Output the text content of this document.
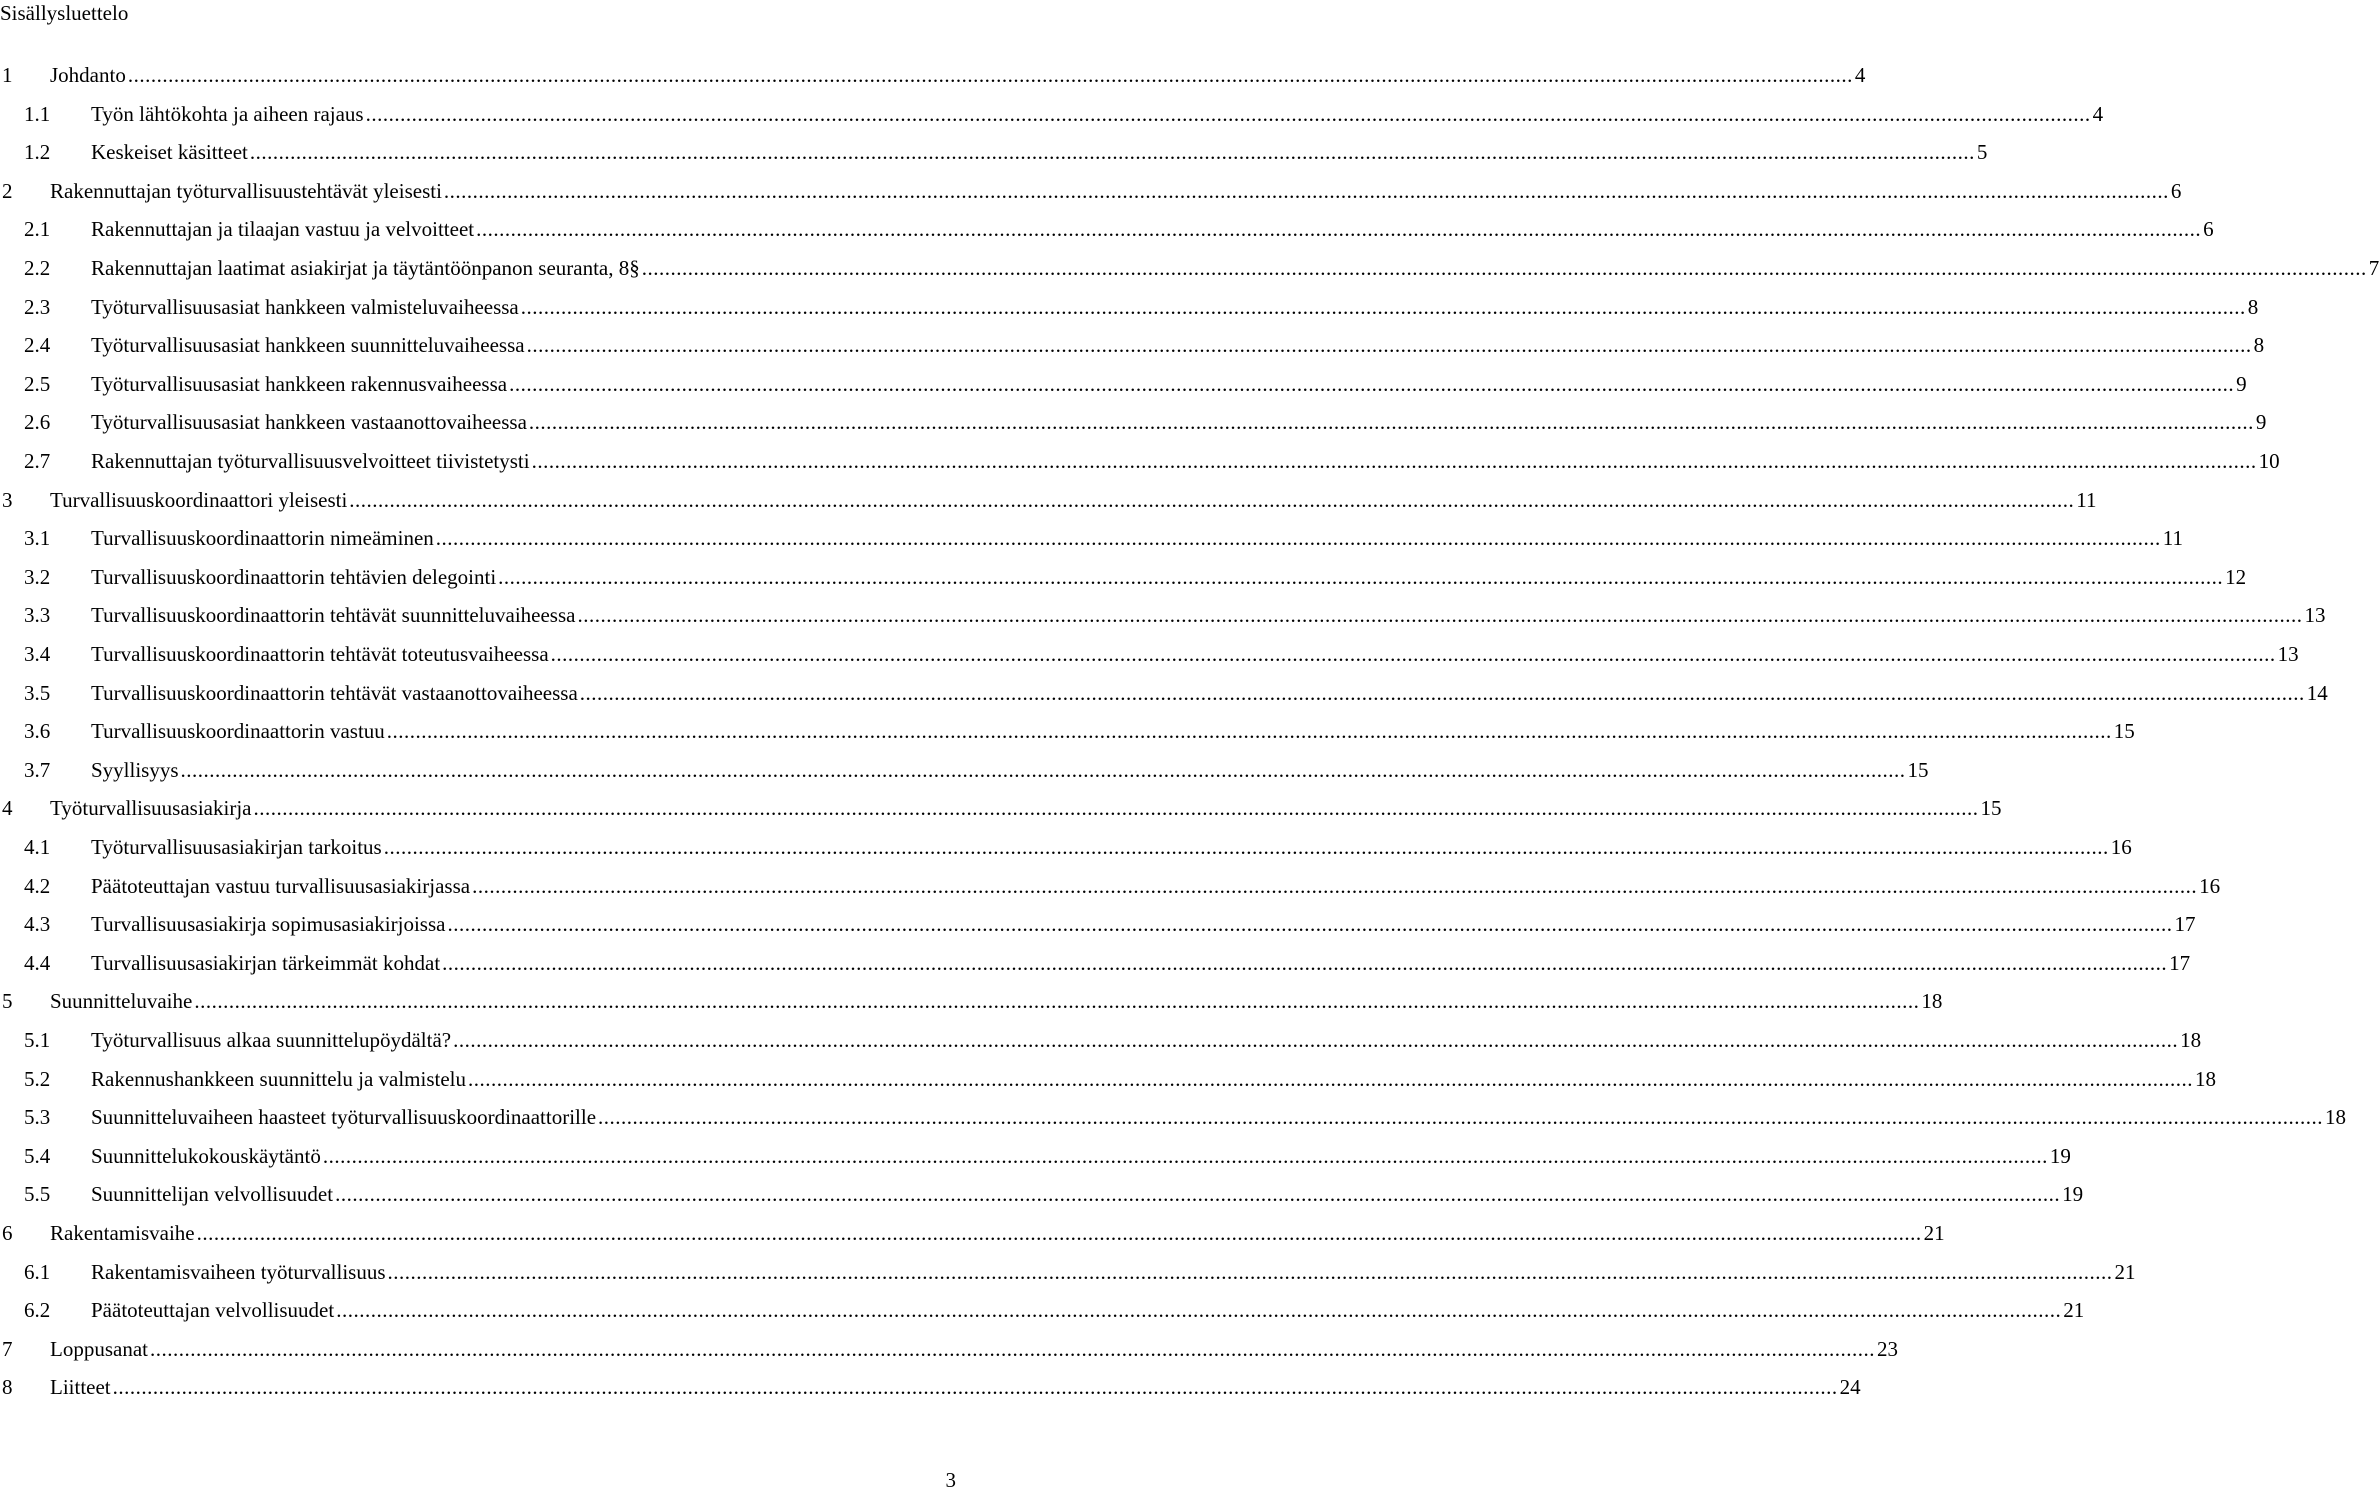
Sisällysluettelo
1 Johdanto ............................................................................................................................................................................................................................................................................................................ 4
1.1 Työn lähtökohta ja aiheen rajaus ............................................................................................................................................................................................................................................................................................................ 4
1.2 Keskeiset käsitteet ............................................................................................................................................................................................................................................................................................................ 5
2 Rakennuttajan työturvallisuustehtävät yleisesti ............................................................................................................................................................................................................................................................................................................ 6
2.1 Rakennuttajan ja tilaajan vastuu ja velvoitteet ............................................................................................................................................................................................................................................................................................................ 6
2.2 Rakennuttajan laatimat asiakirjat ja täytäntöönpanon seuranta, 8§ ............................................................................................................................................................................................................................................................................................................ 7
2.3 Työturvallisuusasiat hankkeen valmisteluvaiheessa ............................................................................................................................................................................................................................................................................................................ 8
2.4 Työturvallisuusasiat hankkeen suunnitteluvaiheessa ............................................................................................................................................................................................................................................................................................................ 8
2.5 Työturvallisuusasiat hankkeen rakennusvaiheessa ............................................................................................................................................................................................................................................................................................................ 9
2.6 Työturvallisuusasiat hankkeen vastaanottovaiheessa ............................................................................................................................................................................................................................................................................................................ 9
2.7 Rakennuttajan työturvallisuusvelvoitteet tiivistetysti ............................................................................................................................................................................................................................................................................................................ 10
3 Turvallisuuskoordinaattori yleisesti ............................................................................................................................................................................................................................................................................................................ 11
3.1 Turvallisuuskoordinaattorin nimeäminen ............................................................................................................................................................................................................................................................................................................ 11
3.2 Turvallisuuskoordinaattorin tehtävien delegointi ............................................................................................................................................................................................................................................................................................................ 12
3.3 Turvallisuuskoordinaattorin tehtävät suunnitteluvaiheessa ............................................................................................................................................................................................................................................................................................................ 13
3.4 Turvallisuuskoordinaattorin tehtävät toteutusvaiheessa ............................................................................................................................................................................................................................................................................................................ 13
3.5 Turvallisuuskoordinaattorin tehtävät vastaanottovaiheessa ............................................................................................................................................................................................................................................................................................................ 14
3.6 Turvallisuuskoordinaattorin vastuu ............................................................................................................................................................................................................................................................................................................ 15
3.7 Syyllisyys ............................................................................................................................................................................................................................................................................................................ 15
4 Työturvallisuusasiakirja ............................................................................................................................................................................................................................................................................................................ 15
4.1 Työturvallisuusasiakirjan tarkoitus ............................................................................................................................................................................................................................................................................................................ 16
4.2 Päätoteuttajan vastuu turvallisuusasiakirjassa ............................................................................................................................................................................................................................................................................................................ 16
4.3 Turvallisuusasiakirja sopimusasiakirjoissa ............................................................................................................................................................................................................................................................................................................ 17
4.4 Turvallisuusasiakirjan tärkeimmät kohdat ............................................................................................................................................................................................................................................................................................................ 17
5 Suunnitteluvaihe ............................................................................................................................................................................................................................................................................................................ 18
5.1 Työturvallisuus alkaa suunnittelupöydältä? ............................................................................................................................................................................................................................................................................................................ 18
5.2 Rakennushankkeen suunnittelu ja valmistelu ............................................................................................................................................................................................................................................................................................................ 18
5.3 Suunnitteluvaiheen haasteet työturvallisuuskoordinaattorille ............................................................................................................................................................................................................................................................................................................ 18
5.4 Suunnittelukokouskäytäntö ............................................................................................................................................................................................................................................................................................................ 19
5.5 Suunnittelijan velvollisuudet ............................................................................................................................................................................................................................................................................................................ 19
6 Rakentamisvaihe ............................................................................................................................................................................................................................................................................................................ 21
6.1 Rakentamisvaiheen työturvallisuus ............................................................................................................................................................................................................................................................................................................ 21
6.2 Päätoteuttajan velvollisuudet ............................................................................................................................................................................................................................................................................................................ 21
7 Loppusanat ............................................................................................................................................................................................................................................................................................................ 23
8 Liitteet ............................................................................................................................................................................................................................................................................................................ 24
3
